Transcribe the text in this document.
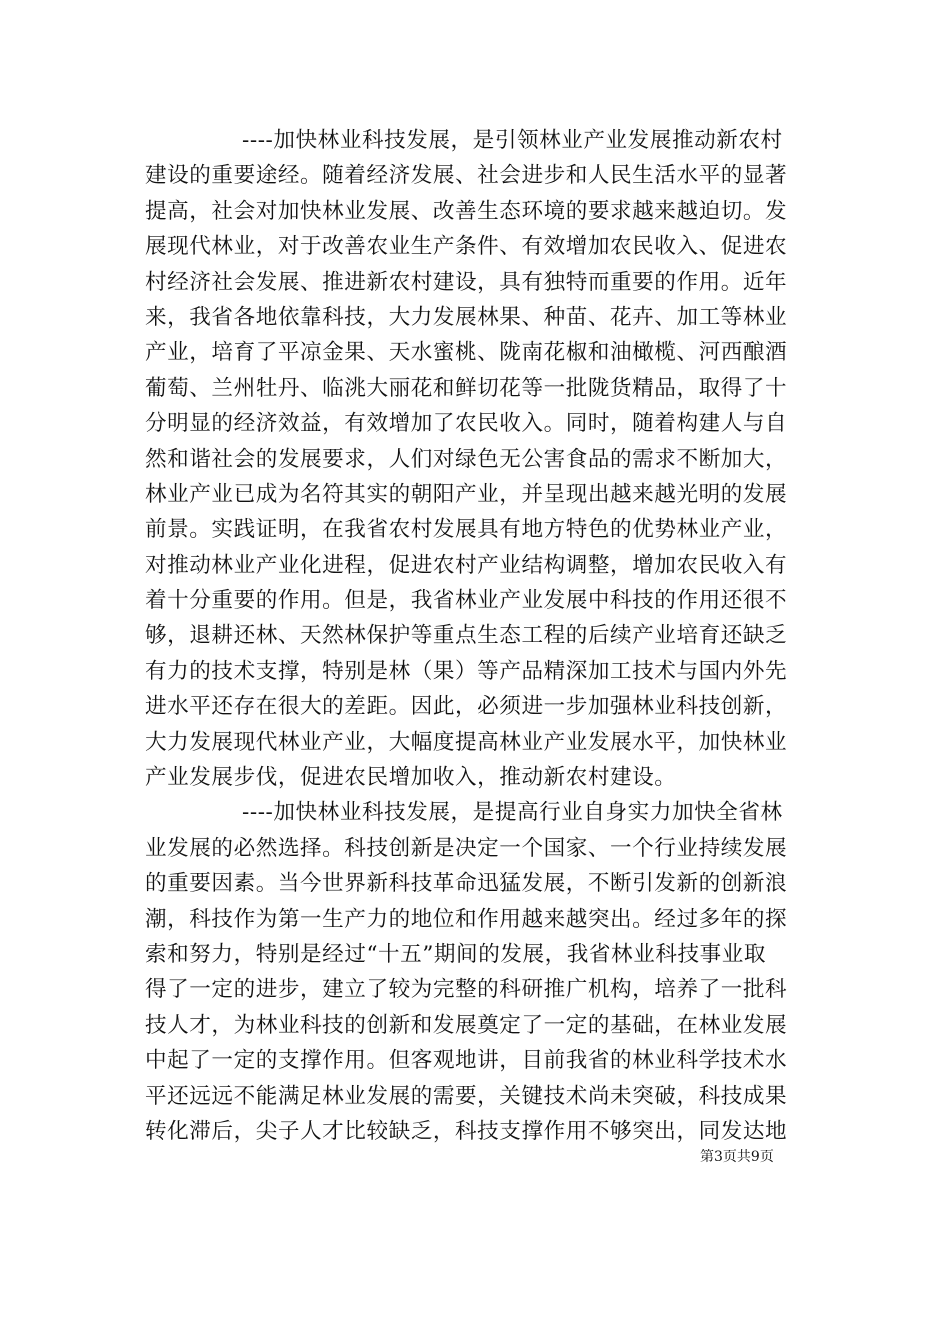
----加快林业科技发展，是引领林业产业发展推动新农村
建设的重要途经。随着经济发展、社会进步和人民生活水平的显著
提高，社会对加快林业发展、改善生态环境的要求越来越迫切。发
展现代林业，对于改善农业生产条件、有效增加农民收入、促进农
村经济社会发展、推进新农村建设，具有独特而重要的作用。近年
来，我省各地依靠科技，大力发展林果、种苗、花卉、加工等林业
产业，培育了平凉金果、天水蜜桃、陇南花椒和油橄榄、河西酿酒
葡萄、兰州牡丹、临洮大丽花和鲜切花等一批陇货精品，取得了十
分明显的经济效益，有效增加了农民收入。同时，随着构建人与自
然和谐社会的发展要求，人们对绿色无公害食品的需求不断加大，
林业产业已成为名符其实的朝阳产业，并呈现出越来越光明的发展
前景。实践证明，在我省农村发展具有地方特色的优势林业产业，
对推动林业产业化进程，促进农村产业结构调整，增加农民收入有
着十分重要的作用。但是，我省林业产业发展中科技的作用还很不
够，退耕还林、天然林保护等重点生态工程的后续产业培育还缺乏
有力的技术支撑，特别是林（果）等产品精深加工技术与国内外先
进水平还存在很大的差距。因此，必须进一步加强林业科技创新，
大力发展现代林业产业，大幅度提高林业产业发展水平，加快林业
产业发展步伐，促进农民增加收入，推动新农村建设。

----加快林业科技发展，是提高行业自身实力加快全省林
业发展的必然选择。科技创新是决定一个国家、一个行业持续发展
的重要因素。当今世界新科技革命迅猛发展，不断引发新的创新浪
潮，科技作为第一生产力的地位和作用越来越突出。经过多年的探
索和努力，特别是经过“十五”期间的发展，我省林业科技事业取
得了一定的进步，建立了较为完整的科研推广机构，培养了一批科
技人才，为林业科技的创新和发展奠定了一定的基础，在林业发展
中起了一定的支撑作用。但客观地讲，目前我省的林业科学技术水
平还远远不能满足林业发展的需要，关键技术尚未突破，科技成果
转化滞后，尖子人才比较缺乏，科技支撑作用不够突出，同发达地

第3页共9页
